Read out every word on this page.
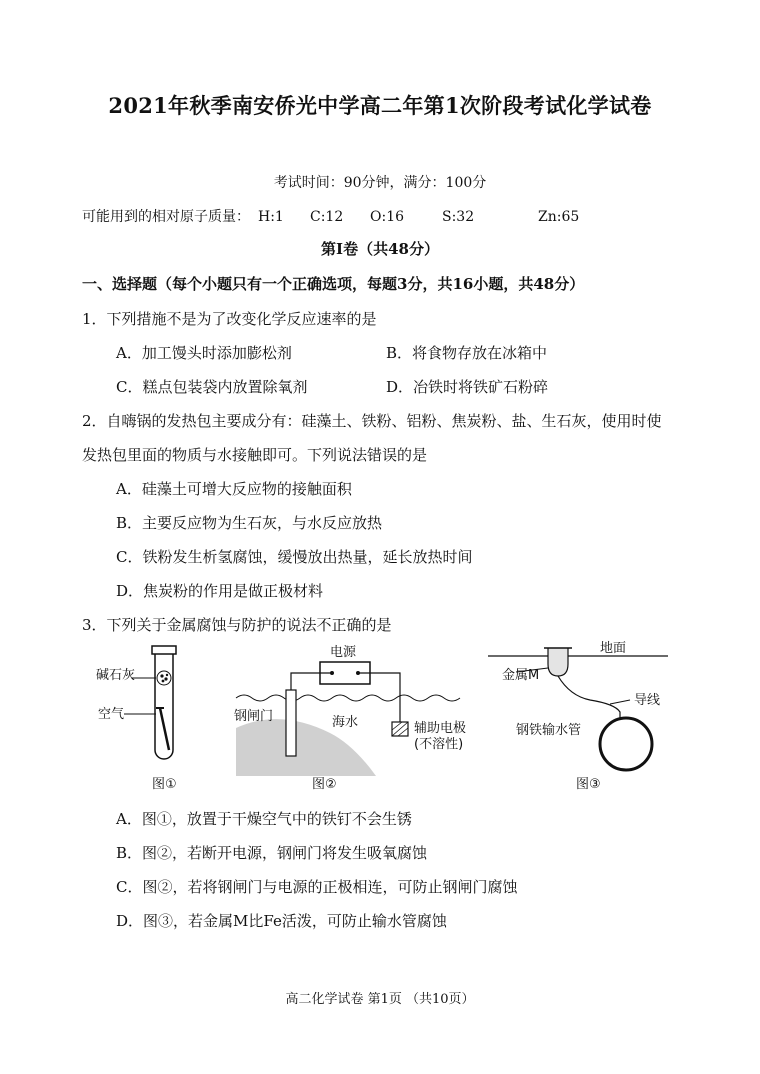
2021年秋季南安侨光中学高二年第1次阶段考试化学试卷
考试时间：90分钟，满分：100分
可能用到的相对原子质量： H:1 C:12 O:16	S:32	Zn:65
第I卷（共48分）
一、选择题（每个小题只有一个正确选项，每题3分，共16小题，共48分）
1．下列措施不是为了改变化学反应速率的是
A．加工馒头时添加膨松剂	B．将食物存放在冰箱中
C．糕点包装袋内放置除氧剂	D．冶铁时将铁矿石粉碎
2．自嗨锅的发热包主要成分有：硅藻土、铁粉、铝粉、焦炭粉、盐、生石灰，使用时使
发热包里面的物质与水接触即可。下列说法错误的是
A．硅藻土可增大反应物的接触面积
B．主要反应物为生石灰，与水反应放热
C．铁粉发生析氢腐蚀，缓慢放出热量，延长放热时间
D．焦炭粉的作用是做正极材料
3．下列关于金属腐蚀与防护的说法不正确的是
碱石灰
空气
图①
电源
钢闸门	海水	辅助电极
(不溶性)
图②
地面
金属M
导线
钢铁输水管
图③
A．图①，放置于干燥空气中的铁钉不会生锈
B．图②，若断开电源，钢闸门将发生吸氧腐蚀
C．图②，若将钢闸门与电源的正极相连，可防止钢闸门腐蚀
D．图③，若金属M比Fe活泼，可防止输水管腐蚀
高二化学试卷 第1页 （共10页）
